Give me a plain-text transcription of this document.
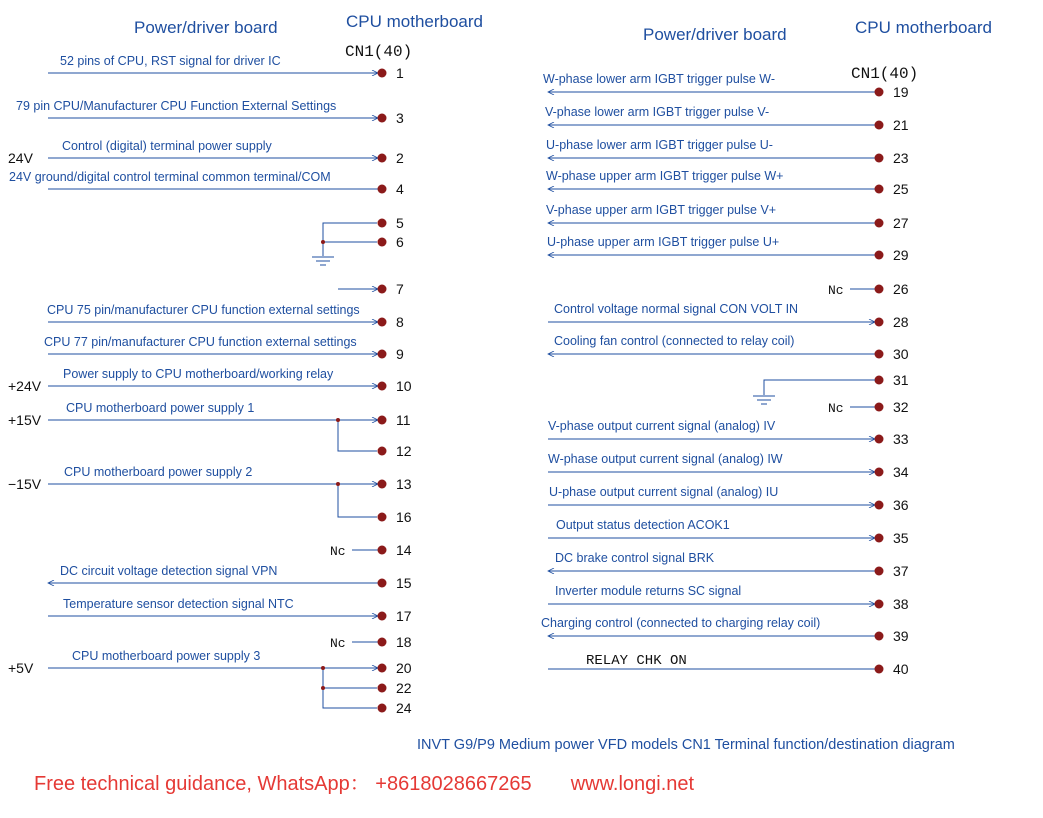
Power/driver board	CPU motherboard
CN1(40)
Power/driver board	CPU motherboard
CN1(40)
52 pins of CPU, RST signal for driver IC
1
79 pin CPU/Manufacturer CPU Function External Settings
3
Control (digital) terminal power supply
24V	2
24V ground/digital control terminal common terminal/COM
4
5
6
7
CPU 75 pin/manufacturer CPU function external settings
8
CPU 77 pin/manufacturer CPU function external settings
9
Power supply to CPU motherboard/working relay
+24V	10
CPU motherboard power supply 1
+15V	11
12
CPU motherboard power supply 2
−15V	13
16
Nc	14
DC circuit voltage detection signal VPN
15
Temperature sensor detection signal NTC
17
Nc	18
CPU motherboard power supply 3
+5V	20
22
24
W-phase lower arm IGBT trigger pulse W-
19
V-phase lower arm IGBT trigger pulse V-
21
U-phase lower arm IGBT trigger pulse U-
23
W-phase upper arm IGBT trigger pulse W+
25
V-phase upper arm IGBT trigger pulse V+
27
U-phase upper arm IGBT trigger pulse U+
29
Nc	26
Control voltage normal signal CON VOLT IN
28
Cooling fan control (connected to relay coil)
30
31
Nc	32
V-phase output current signal (analog) IV
33
W-phase output current signal (analog) IW
34
U-phase output current signal (analog) IU
36
Output status detection ACOK1
35
DC brake control signal BRK
37
Inverter module returns SC signal
38
Charging control (connected to charging relay coil)
39
RELAY CHK ON	40
INVT G9/P9 Medium power VFD models CN1 Terminal function/destination diagram
Free technical guidance, WhatsApp： +8618028667265 www.longi.net
